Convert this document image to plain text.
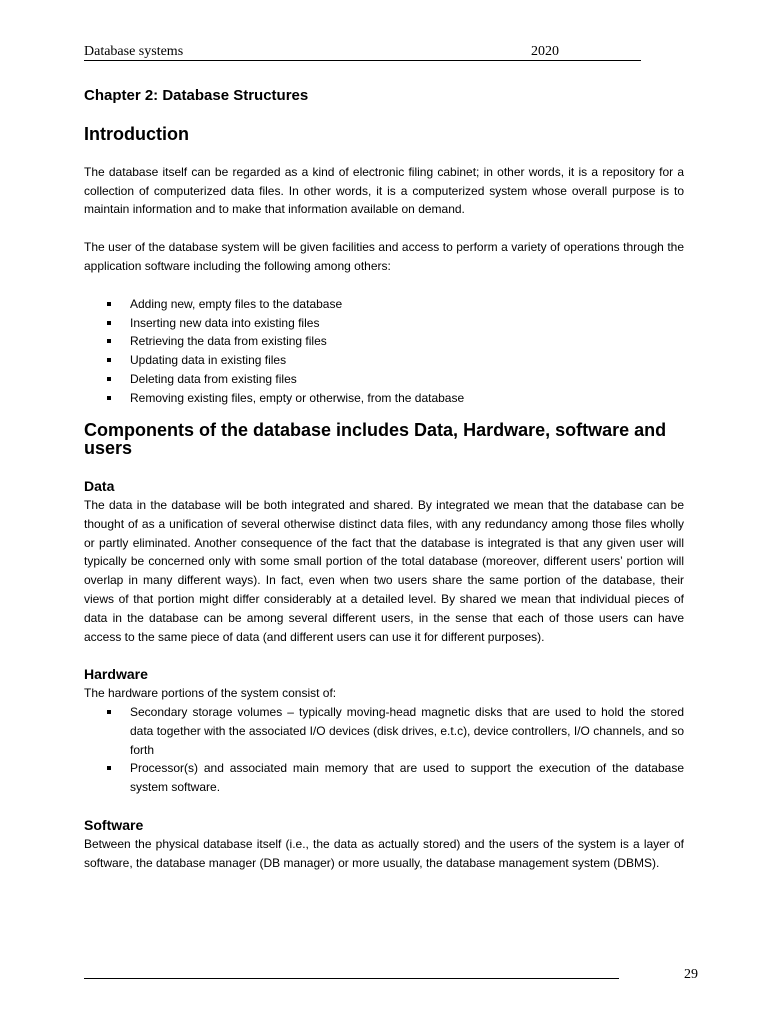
Database systems	2020
Chapter 2: Database Structures
Introduction

The database itself can be regarded as a kind of electronic filing cabinet; in other words, it is a repository for a collection of computerized data files. In other words, it is a computerized system whose overall purpose is to maintain information and to make that information available on demand.

The user of the database system will be given facilities and access to perform a variety of operations through the application software including the following among others:

Adding new, empty files to the database
Inserting new data into existing files
Retrieving the data from existing files
Updating data in existing files
Deleting data from existing files
Removing existing files, empty or otherwise, from the database
Components of the database includes Data, Hardware, software and users
Data

The data in the database will be both integrated and shared. By integrated we mean that the database can be thought of as a unification of several otherwise distinct data files, with any redundancy among those files wholly or partly eliminated. Another consequence of the fact that the database is integrated is that any given user will typically be concerned only with some small portion of the total database (moreover, different users’ portion will overlap in many different ways). In fact, even when two users share the same portion of the database, their views of that portion might differ considerably at a detailed level. By shared we mean that individual pieces of data in the database can be among several different users, in the sense that each of those users can have access to the same piece of data (and different users can use it for different purposes).

Hardware

The hardware portions of the system consist of:

Secondary storage volumes – typically moving-head magnetic disks that are used to hold the stored data together with the associated I/O devices (disk drives, e.t.c), device controllers, I/O channels, and so forth
Processor(s) and associated main memory that are used to support the execution of the database system software.
Software

Between the physical database itself (i.e., the data as actually stored) and the users of the system is a layer of software, the database manager (DB manager) or more usually, the database management system (DBMS).

29
